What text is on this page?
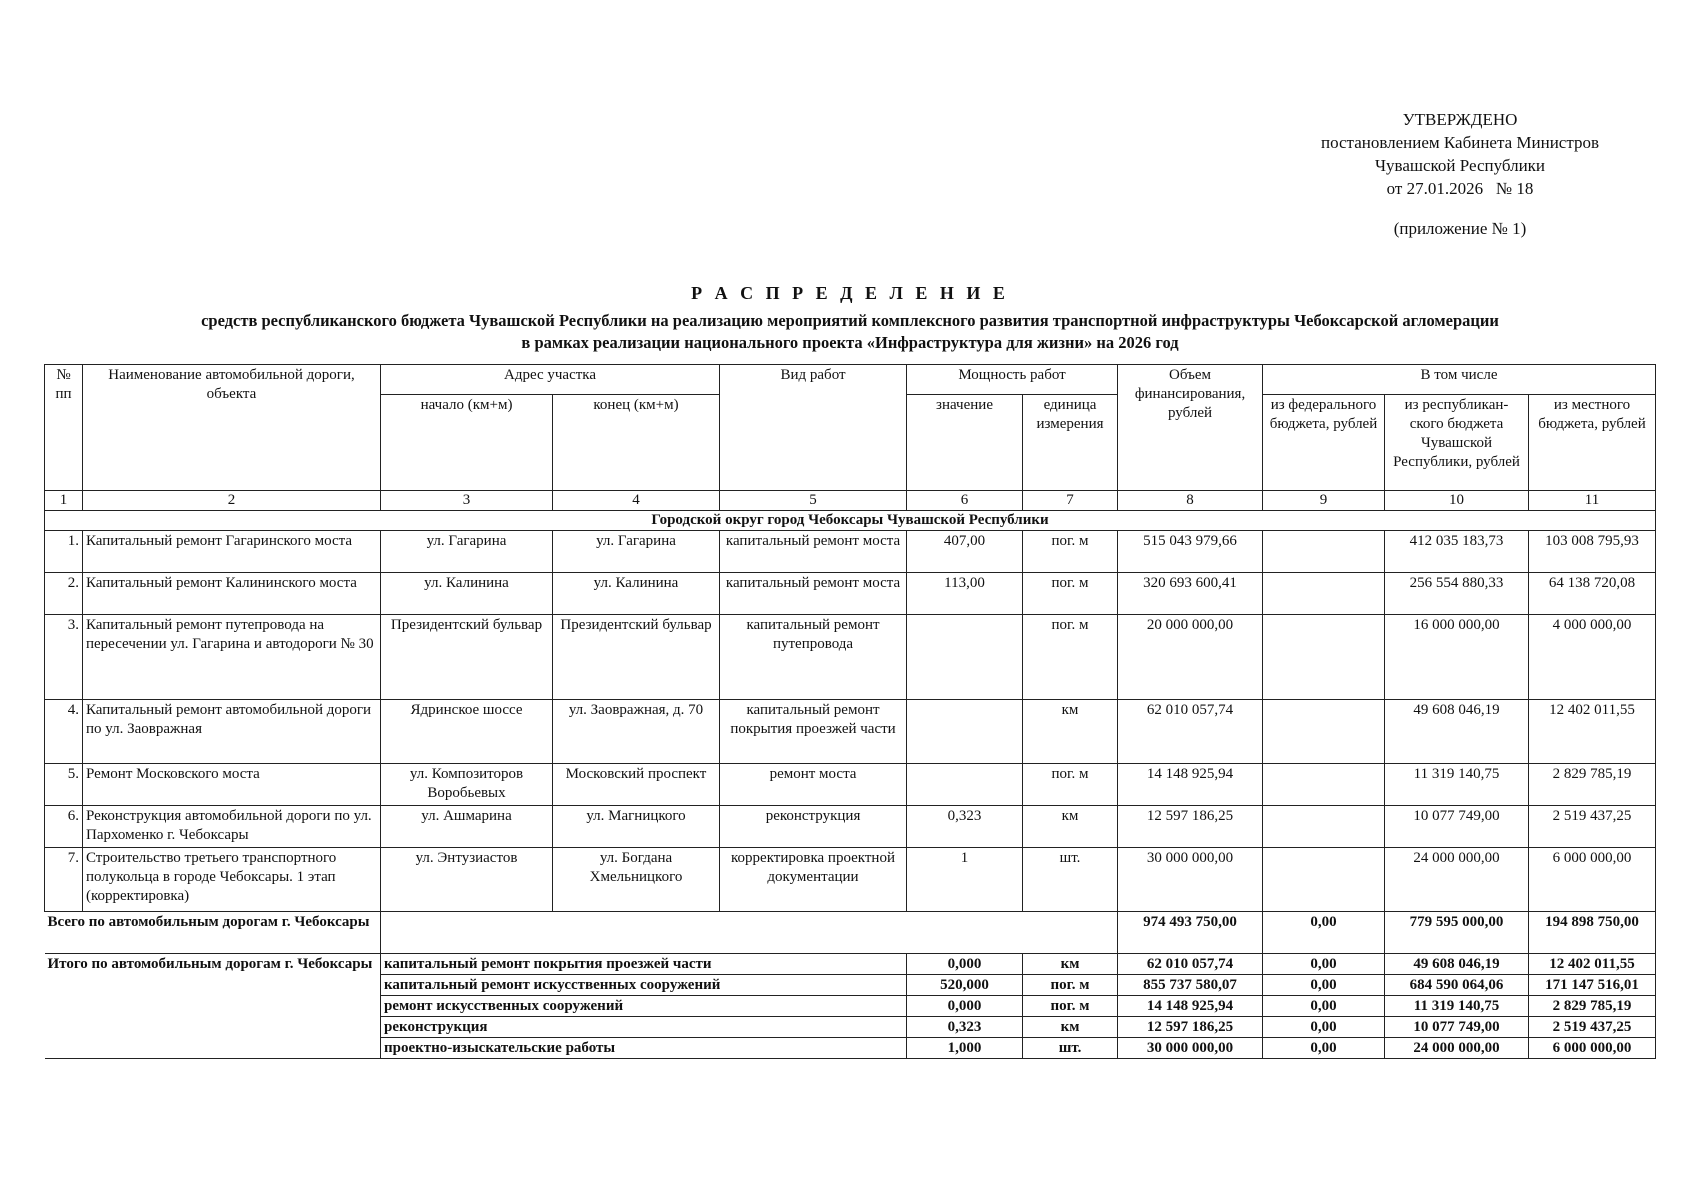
УТВЕРЖДЕНО
постановлением Кабинета Министров
Чувашской Республики
от 27.01.2026   № 18
(приложение № 1)
Р А С П Р Е Д Е Л Е Н И Е
средств республиканского бюджета Чувашской Республики на реализацию мероприятий комплексного развития транспортной инфраструктуры Чебоксарской агломерации
в рамках реализации национального проекта «Инфраструктура для жизни» на 2026 год
№ пп	Наименование автомобильной дороги, объекта	Адрес участка		Вид работ	Мощность работ		Объем финансирования, рублей	В том числе		
		начало (км+м)	конец (км+м)		значение	единица измерения		из федерального бюджета, рублей	из республикан-ского бюджета Чувашской Республики, рублей	из местного бюджета, рублей
1	2	3	4	5	6	7	8	9	10	11
Городской округ город Чебоксары Чувашской Республики										
1.	Капитальный ремонт Гагаринского моста	ул. Гагарина	ул. Гагарина	капитальный ремонт моста	407,00	пог. м	515 043 979,66		412 035 183,73	103 008 795,93
2.	Капитальный ремонт Калининского моста	ул. Калинина	ул. Калинина	капитальный ремонт моста	113,00	пог. м	320 693 600,41		256 554 880,33	64 138 720,08
3.	Капитальный ремонт путепровода на пересечении ул. Гагарина и автодороги № 30	Президентский бульвар	Президентский бульвар	капитальный ремонт путепровода		пог. м	20 000 000,00		16 000 000,00	4 000 000,00
4.	Капитальный ремонт автомобильной дороги по ул. Заовражная	Ядринское шоссе	ул. Заовражная, д. 70	капитальный ремонт покрытия проезжей части		км	62 010 057,74		49 608 046,19	12 402 011,55
5.	Ремонт Московского моста	ул. Композиторов Воробьевых	Московский проспект	ремонт моста		пог. м	14 148 925,94		11 319 140,75	2 829 785,19
6.	Реконструкция автомобильной дороги по ул. Пархоменко г. Чебоксары	ул. Ашмарина	ул. Магницкого	реконструкция	0,323	км	12 597 186,25		10 077 749,00	2 519 437,25
7.	Строительство третьего транспортного полукольца в городе Чебоксары. 1 этап (корректировка)	ул. Энтузиастов	ул. Богдана Хмельницкого	корректировка проектной документации	1	шт.	30 000 000,00		24 000 000,00	6 000 000,00
Всего по автомобильным дорогам г. Чебоксары							974 493 750,00	0,00	779 595 000,00	194 898 750,00
Итого по автомобильным дорогам г. Чебоксары		капитальный ремонт покрытия проезжей части			0,000	км	62 010 057,74	0,00	49 608 046,19	12 402 011,55
		капитальный ремонт искусственных сооружений			520,000	пог. м	855 737 580,07	0,00	684 590 064,06	171 147 516,01
		ремонт искусственных сооружений			0,000	пог. м	14 148 925,94	0,00	11 319 140,75	2 829 785,19
		реконструкция			0,323	км	12 597 186,25	0,00	10 077 749,00	2 519 437,25
		проектно-изыскательские работы			1,000	шт.	30 000 000,00	0,00	24 000 000,00	6 000 000,00
